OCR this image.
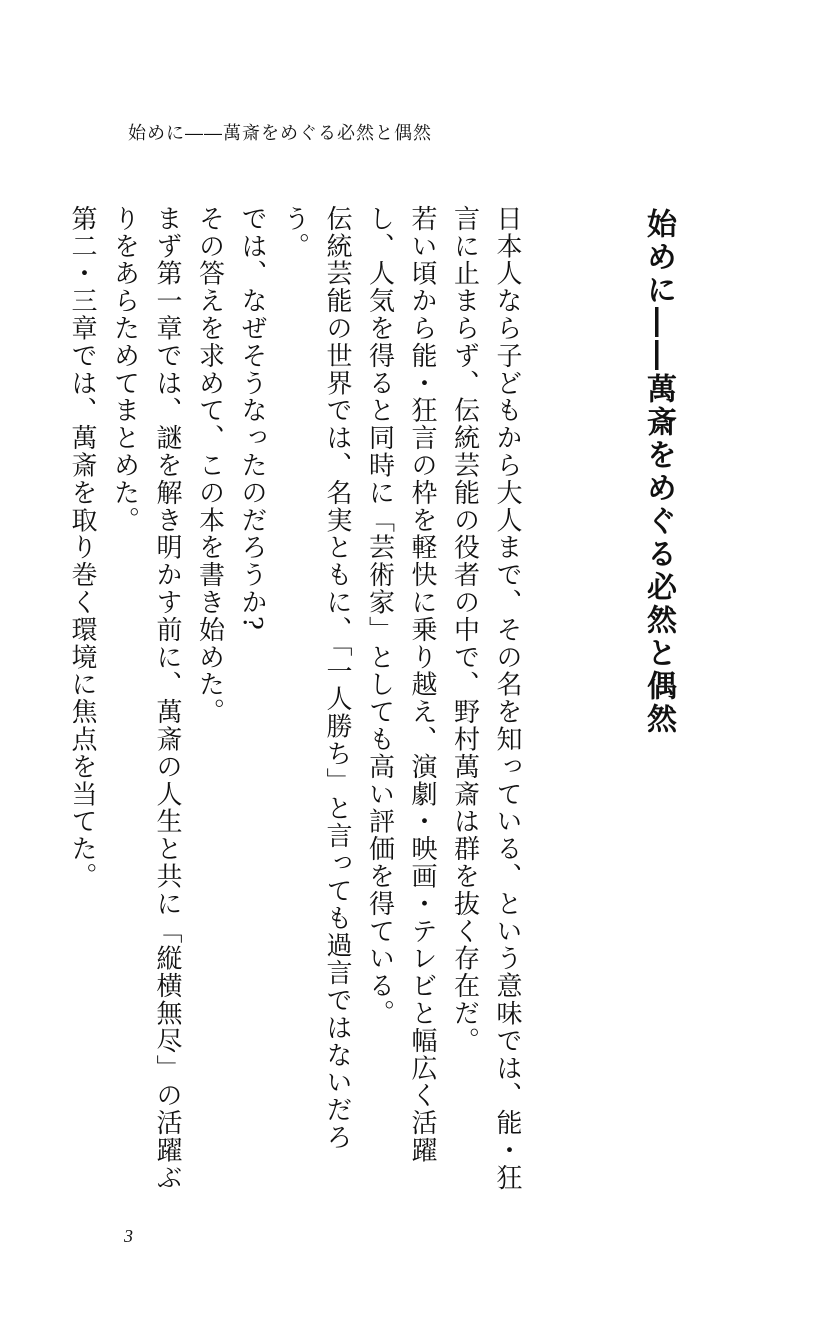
始めに――萬斎をめぐる必然と偶然
始めに――萬斎をめぐる必然と偶然

日本人なら子どもから大人まで、その名を知っている、という意味では、能・狂言に止まらず、伝統芸能の役者の中で、野村萬斎は群を抜く存在だ。

若い頃から能・狂言の枠を軽快に乗り越え、演劇・映画・テレビと幅広く活躍し、人気を得ると同時に「芸術家」としても高い評価を得ている。

伝統芸能の世界では、名実ともに、「一人勝ち」と言っても過言ではないだろう。

では、なぜそうなったのだろうか?

その答えを求めて、この本を書き始めた。

まず第一章では、謎を解き明かす前に、萬斎の人生と共に「縦横無尽」の活躍ぶりをあらためてまとめた。

第二・三章では、萬斎を取り巻く環境に焦点を当てた。

3
